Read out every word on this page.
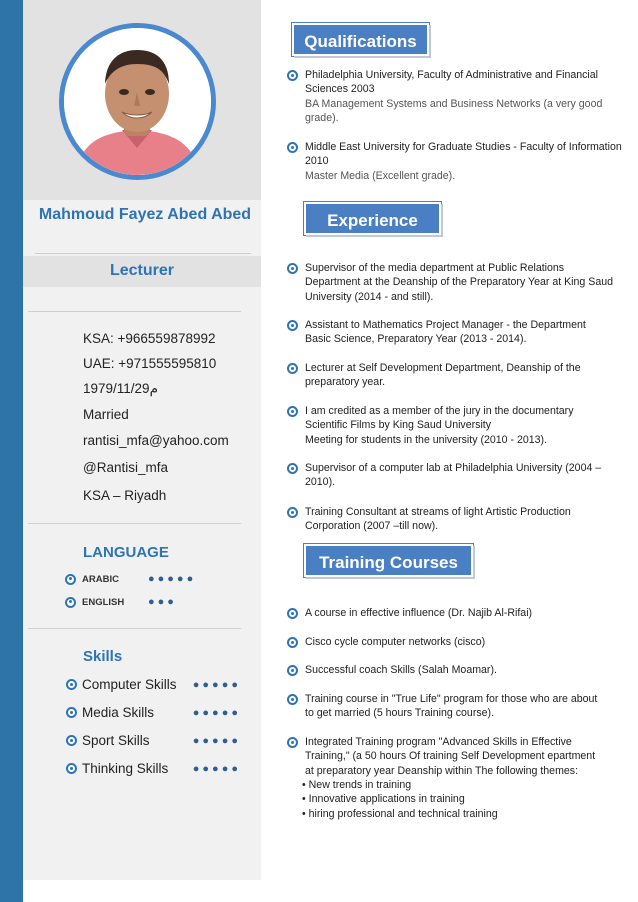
Mahmoud Fayez Abed Abed
Lecturer
KSA: +966559878992
UAE: +971555595810
1979/11/29م
Married
rantisi_mfa@yahoo.com
@Rantisi_mfa
KSA – Riyadh
LANGUAGE
ARABIC	●●●●●
ENGLISH	●●●
Skills
Computer Skills	●●●●●
Media Skills	●●●●●
Sport Skills	●●●●●
Thinking Skills	●●●●●
Qualifications
Philadelphia University, Faculty of Administrative and Financial
Sciences 2003
BA Management Systems and Business Networks (a very good
grade).
Middle East University for Graduate Studies - Faculty of Information
2010
Master Media (Excellent grade).
Experience
Supervisor of the media department at Public Relations
Department at the Deanship of the Preparatory Year at King Saud
University (2014 - and still).
Assistant to Mathematics Project Manager - the Department
Basic Science, Preparatory Year (2013 - 2014).
Lecturer at Self Development Department, Deanship of the
preparatory year.
I am credited as a member of the jury in the documentary
Scientific Films by King Saud University
Meeting for students in the university (2010 - 2013).
Supervisor of a computer lab at Philadelphia University (2004 –
2010).
Training Consultant at streams of light Artistic Production
Corporation (2007 –till now).
Training Courses
A course in effective influence (Dr. Najib Al-Rifai)
Cisco cycle computer networks (cisco)
Successful coach Skills (Salah Moamar).
Training course in "True Life" program for those who are about
to get married (5 hours Training course).
Integrated Training program "Advanced Skills in Effective
Training," (a 50 hours Of training Self Development epartment
at preparatory year Deanship within The following themes:
• New trends in training
• Innovative applications in training
• hiring professional and technical training
